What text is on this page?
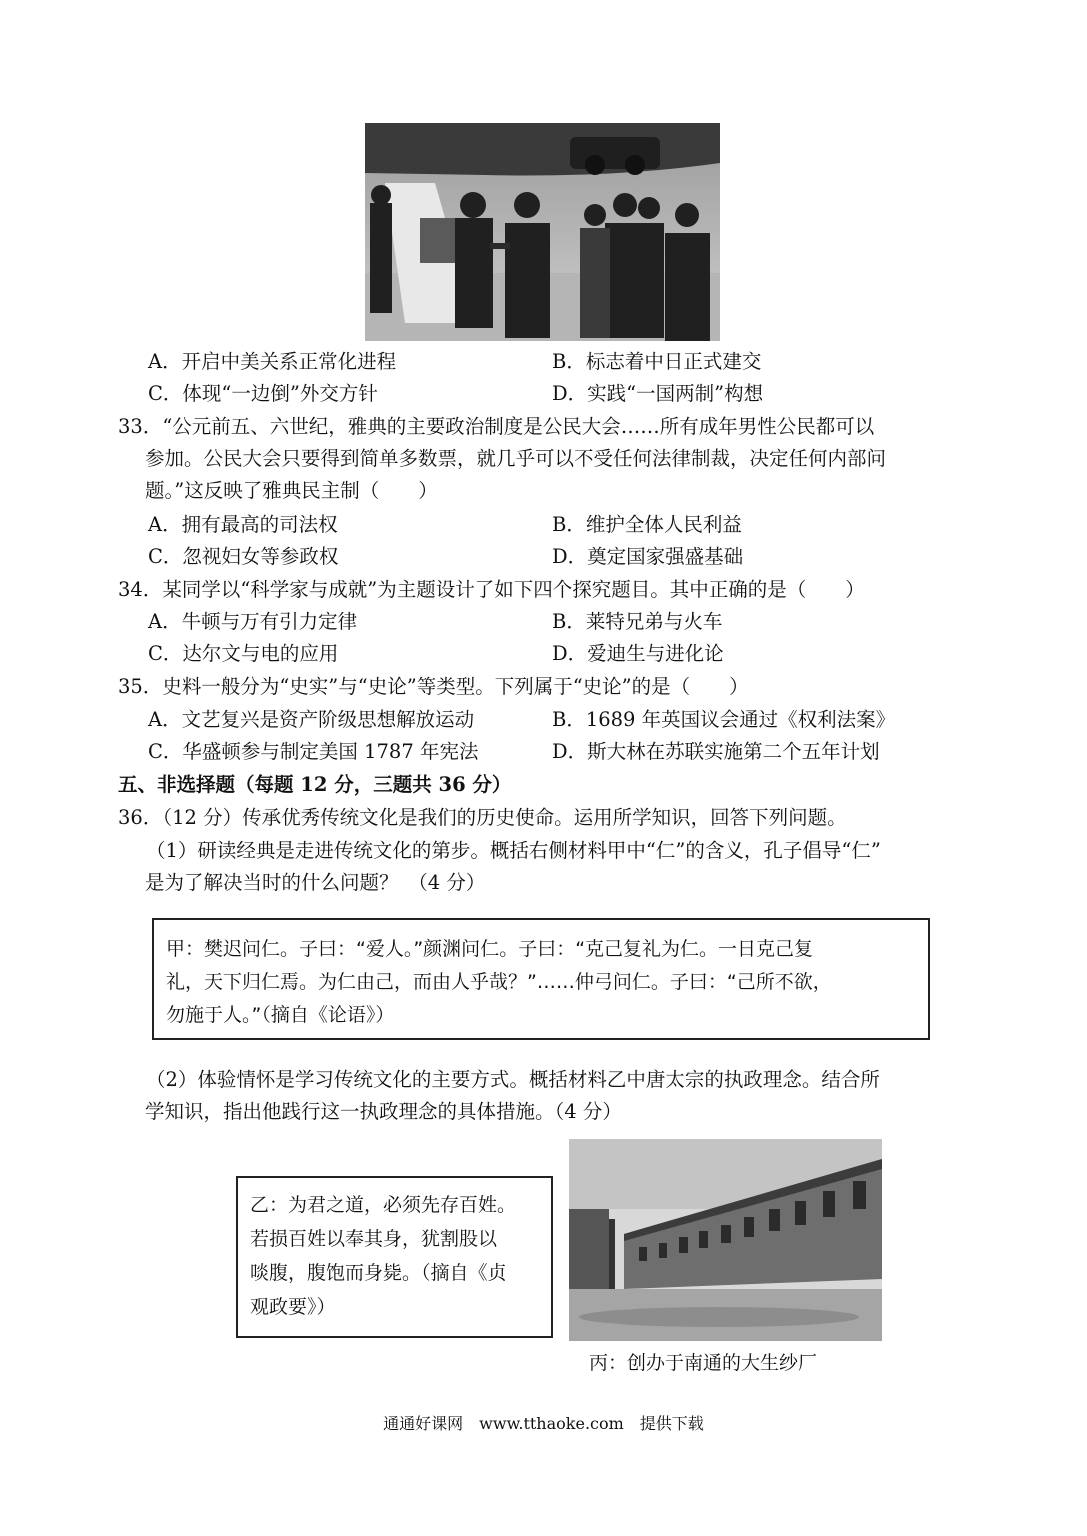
A．开启中美关系正常化进程	B．标志着中日正式建交
C．体现“一边倒”外交方针	D．实践“一国两制”构想
33．“公元前五、六世纪，雅典的主要政治制度是公民大会……所有成年男性公民都可以
参加。公民大会只要得到简单多数票，就几乎可以不受任何法律制裁，决定任何内部问
题。”这反映了雅典民主制（　　）
A．拥有最高的司法权	B．维护全体人民利益
C．忽视妇女等参政权	D．奠定国家强盛基础
34．某同学以“科学家与成就”为主题设计了如下四个探究题目。其中正确的是（　　）
A．牛顿与万有引力定律	B．莱特兄弟与火车
C．达尔文与电的应用	D．爱迪生与进化论
35．史料一般分为“史实”与“史论”等类型。下列属于“史论”的是（　　）
A．文艺复兴是资产阶级思想解放运动	B．1689 年英国议会通过《权利法案》
C．华盛顿参与制定美国 1787 年宪法	D．斯大林在苏联实施第二个五年计划
五、非选择题（每题 12 分，三题共 36 分）
36．（12 分）传承优秀传统文化是我们的历史使命。运用所学知识，回答下列问题。
（1）研读经典是走进传统文化的第步。概括右侧材料甲中“仁”的含义，孔子倡导“仁”
是为了解决当时的什么问题？　（4 分）
甲：樊迟问仁。子曰：“爱人。”颜渊问仁。子曰：“克己复礼为仁。一日克己复
礼，天下归仁焉。为仁由己，而由人乎哉？”……仲弓问仁。子曰：“己所不欲，
勿施于人。”（摘自《论语》）
（2）体验情怀是学习传统文化的主要方式。概括材料乙中唐太宗的执政理念。结合所
学知识，指出他践行这一执政理念的具体措施。（4 分）
乙：为君之道，必须先存百姓。
若损百姓以奉其身，犹割股以
啖腹，腹饱而身毙。（摘自《贞
观政要》）
丙：创办于南通的大生纱厂
通通好课网　www.tthaoke.com　提供下载
